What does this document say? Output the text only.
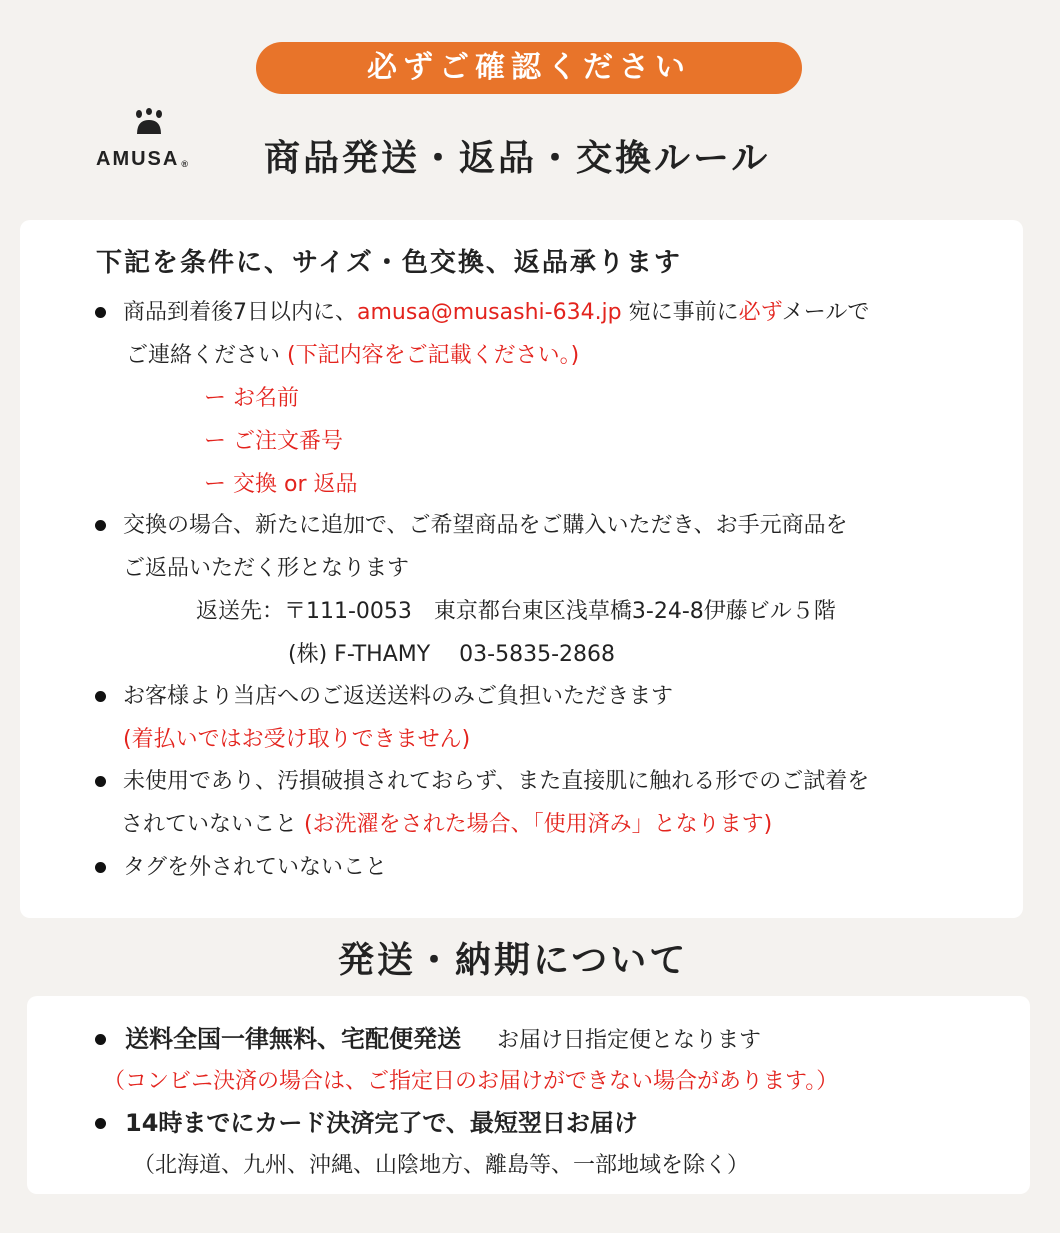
必ずご確認ください
AMUSA ® 商品発送・返品・交換ルール
下記を条件に、サイズ・色交換、返品承ります
商品到着後7日以内に、amusa@musashi-634.jp 宛に事前に必ずメールで
ご連絡ください (下記内容をご記載ください。)
ー お名前
ー ご注文番号
ー 交換 or 返品
交換の場合、新たに追加で、ご希望商品をご購入いただき、お手元商品を
ご返品いただく形となります
返送先：〒111-0053　東京都台東区浅草橋3-24-8伊藤ビル５階
(株) F-THAMY　 03-5835-2868
お客様より当店へのご返送送料のみご負担いただきます
(着払いではお受け取りできません)
未使用であり、汚損破損されておらず、また直接肌に触れる形でのご試着を
されていないこと (お洗濯をされた場合、「使用済み」となります)
タグを外されていないこと
発送・納期について
送料全国一律無料、宅配便発送 お届け日指定便となります
（コンビニ決済の場合は、ご指定日のお届けができない場合があります。）
14時までにカード決済完了で、最短翌日お届け
（北海道、九州、沖縄、山陰地方、離島等、一部地域を除く）
